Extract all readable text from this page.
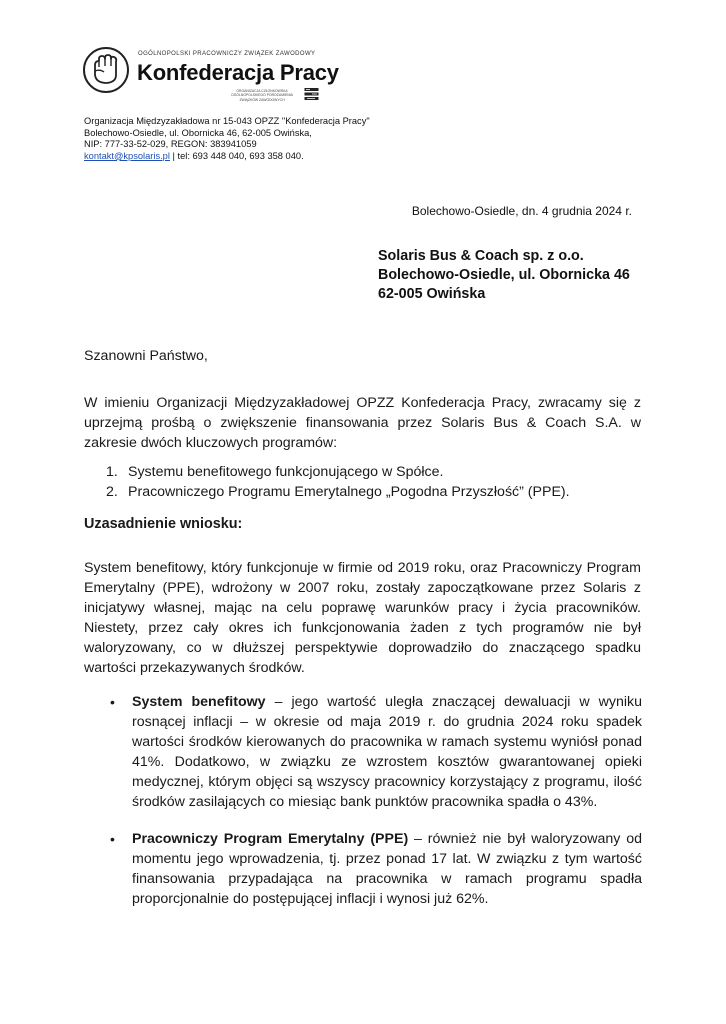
OGÓLNOPOLSKI PRACOWNICZY ZWIĄZEK ZAWODOWY
Konfederacja Pracy
ORGANIZACJA CZŁONKOWSKA OGÓLNOPOLSKIEGO POROZUMIENIA ZWIĄZKÓW ZAWODOWYCH
Organizacja Międzyzakładowa nr 15-043 OPZZ "Konfederacja Pracy"
Bolechowo-Osiedle, ul. Obornicka 46, 62-005 Owińska,
NIP: 777-33-52-029, REGON: 383941059
kontakt@kpsolaris.pl | tel: 693 448 040, 693 358 040.
Bolechowo-Osiedle, dn. 4 grudnia 2024 r.
Solaris Bus & Coach sp. z o.o.
Bolechowo-Osiedle, ul. Obornicka 46
62-005 Owińska
Szanowni Państwo,
W imieniu Organizacji Międzyzakładowej OPZZ Konfederacja Pracy, zwracamy się z uprzejmą prośbą o zwiększenie finansowania przez Solaris Bus & Coach S.A. w zakresie dwóch kluczowych programów:
1. Systemu benefitowego funkcjonującego w Spółce.
2. Pracowniczego Programu Emerytalnego „Pogodna Przyszłość” (PPE).
Uzasadnienie wniosku:
System benefitowy, który funkcjonuje w firmie od 2019 roku, oraz Pracowniczy Program Emerytalny (PPE), wdrożony w 2007 roku, zostały zapoczątkowane przez Solaris z inicjatywy własnej, mając na celu poprawę warunków pracy i życia pracowników. Niestety, przez cały okres ich funkcjonowania żaden z tych programów nie był waloryzowany, co w dłuższej perspektywie doprowadziło do znaczącego spadku wartości przekazywanych środków.
• System benefitowy – jego wartość uległa znaczącej dewaluacji w wyniku rosnącej inflacji – w okresie od maja 2019 r. do grudnia 2024 roku spadek wartości środków kierowanych do pracownika w ramach systemu wyniósł ponad 41%. Dodatkowo, w związku ze wzrostem kosztów gwarantowanej opieki medycznej, którym objęci są wszyscy pracownicy korzystający z programu, ilość środków zasilających co miesiąc bank punktów pracownika spadła o 43%.
• Pracowniczy Program Emerytalny (PPE) – również nie był waloryzowany od momentu jego wprowadzenia, tj. przez ponad 17 lat. W związku z tym wartość finansowania przypadająca na pracownika w ramach programu spadła proporcjonalnie do postępującej inflacji i wynosi już 62%.
